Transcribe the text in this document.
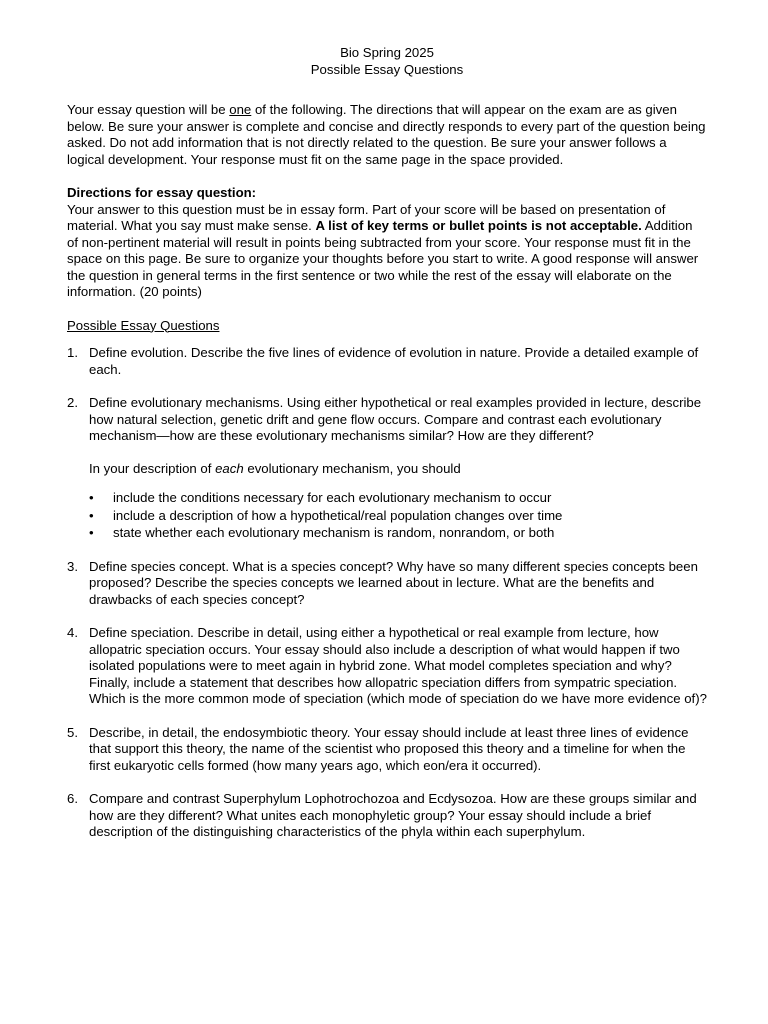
Bio Spring 2025
Possible Essay Questions

Your essay question will be one of the following. The directions that will appear on the exam are as given below. Be sure your answer is complete and concise and directly responds to every part of the question being asked. Do not add information that is not directly related to the question. Be sure your answer follows a logical development. Your response must fit on the same page in the space provided.

Directions for essay question:

Your answer to this question must be in essay form. Part of your score will be based on presentation of material. What you say must make sense. A list of key terms or bullet points is not acceptable. Addition of non-pertinent material will result in points being subtracted from your score. Your response must fit in the space on this page. Be sure to organize your thoughts before you start to write. A good response will answer the question in general terms in the first sentence or two while the rest of the essay will elaborate on the information. (20 points)

Possible Essay Questions
1. Define evolution. Describe the five lines of evidence of evolution in nature. Provide a detailed example of each.
2. Define evolutionary mechanisms. Using either hypothetical or real examples provided in lecture, describe how natural selection, genetic drift and gene flow occurs. Compare and contrast each evolutionary mechanism—how are these evolutionary mechanisms similar? How are they different?

In your description of each evolutionary mechanism, you should

• include the conditions necessary for each evolutionary mechanism to occur
• include a description of how a hypothetical/real population changes over time
• state whether each evolutionary mechanism is random, nonrandom, or both
3. Define species concept. What is a species concept? Why have so many different species concepts been proposed? Describe the species concepts we learned about in lecture. What are the benefits and drawbacks of each species concept?
4. Define speciation. Describe in detail, using either a hypothetical or real example from lecture, how allopatric speciation occurs. Your essay should also include a description of what would happen if two isolated populations were to meet again in hybrid zone. What model completes speciation and why? Finally, include a statement that describes how allopatric speciation differs from sympatric speciation. Which is the more common mode of speciation (which mode of speciation do we have more evidence of)?
5. Describe, in detail, the endosymbiotic theory. Your essay should include at least three lines of evidence that support this theory, the name of the scientist who proposed this theory and a timeline for when the first eukaryotic cells formed (how many years ago, which eon/era it occurred).
6. Compare and contrast Superphylum Lophotrochozoa and Ecdysozoa. How are these groups similar and how are they different? What unites each monophyletic group? Your essay should include a brief description of the distinguishing characteristics of the phyla within each superphylum.
